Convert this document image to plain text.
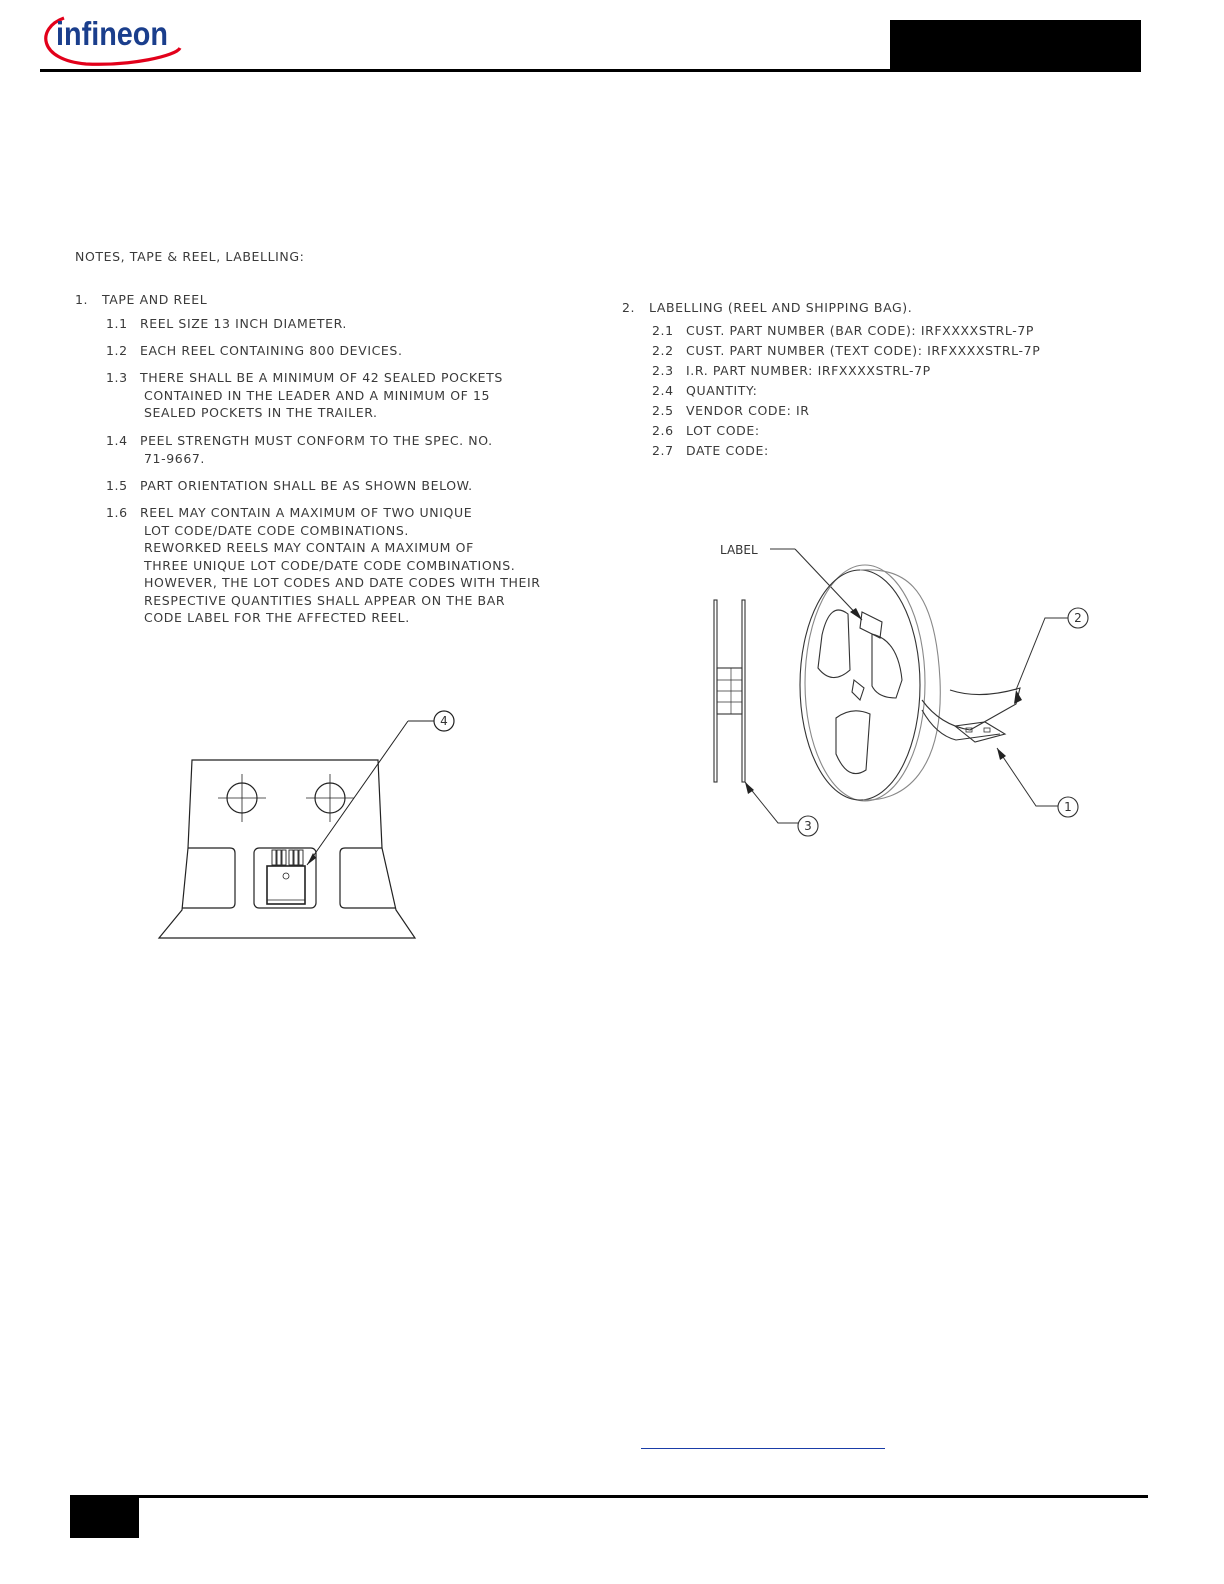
infineon
NOTES, TAPE & REEL, LABELLING:
1. TAPE AND REEL
1.1 REEL SIZE 13 INCH DIAMETER.
1.2 EACH REEL CONTAINING 800 DEVICES.
1.3 THERE SHALL BE A MINIMUM OF 42 SEALED POCKETS
CONTAINED IN THE LEADER AND A MINIMUM OF 15
SEALED POCKETS IN THE TRAILER.
1.4 PEEL STRENGTH MUST CONFORM TO THE SPEC. NO.
71-9667.
1.5 PART ORIENTATION SHALL BE AS SHOWN BELOW.
1.6 REEL MAY CONTAIN A MAXIMUM OF TWO UNIQUE
LOT CODE/DATE CODE COMBINATIONS.
REWORKED REELS MAY CONTAIN A MAXIMUM OF
THREE UNIQUE LOT CODE/DATE CODE COMBINATIONS.
HOWEVER, THE LOT CODES AND DATE CODES WITH THEIR
RESPECTIVE QUANTITIES SHALL APPEAR ON THE BAR
CODE LABEL FOR THE AFFECTED REEL.
2. LABELLING (REEL AND SHIPPING BAG).
2.1 CUST. PART NUMBER (BAR CODE): IRFXXXXSTRL-7P
2.2 CUST. PART NUMBER (TEXT CODE): IRFXXXXSTRL-7P
2.3 I.R. PART NUMBER: IRFXXXXSTRL-7P
2.4 QUANTITY:
2.5 VENDOR CODE: IR
2.6 LOT CODE:
2.7 DATE CODE:
4
LABEL
2
1
3
